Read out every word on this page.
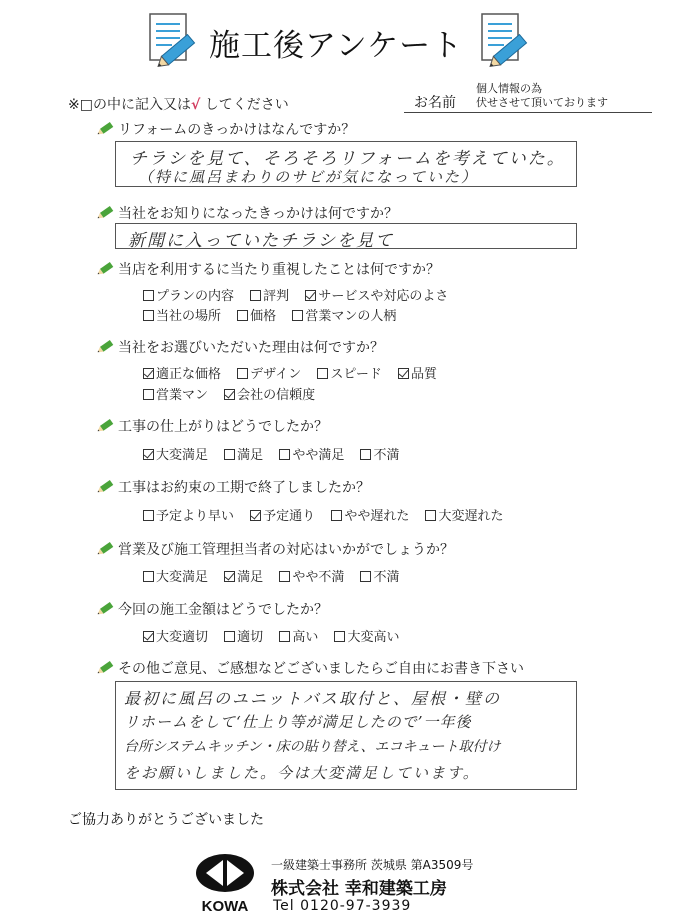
施工後アンケート
※□の中に記入又は√ してください	お名前
個人情報の為
伏せさせて頂いております
リフォームのきっかけはなんですか？
チラシを見て、そろそろリフォームを考えていた。
（特に風呂まわりのサビが気になっていた）
当社をお知りになったきっかけは何ですか？
新聞に入っていたチラシを見て
当店を利用するに当たり重視したことは何ですか？
プランの内容 評判 サービスや対応のよさ
当社の場所 価格 営業マンの人柄
当社をお選びいただいた理由は何ですか？
適正な価格 デザイン スピード 品質
営業マン 会社の信頼度
工事の仕上がりはどうでしたか？
大変満足 満足 やや満足 不満
工事はお約束の工期で終了しましたか？
予定より早い 予定通り やや遅れた 大変遅れた
営業及び施工管理担当者の対応はいかがでしょうか？
大変満足 満足 やや不満 不満
今回の施工金額はどうでしたか？
大変適切 適切 高い 大変高い
その他ご意見、ご感想などございましたらご自由にお書き下さい
最初に風呂のユニットバス取付と、屋根・壁の
リホームをして‘仕上り等が満足したので’一年後
台所システムキッチン・床の貼り替え、エコキュート取付け
をお願いしました。今は大変満足しています。
ご協力ありがとうございました
KOWA
一級建築士事務所 茨城県 第A3509号
株式会社 幸和建築工房
Tel 0120-97-3939
